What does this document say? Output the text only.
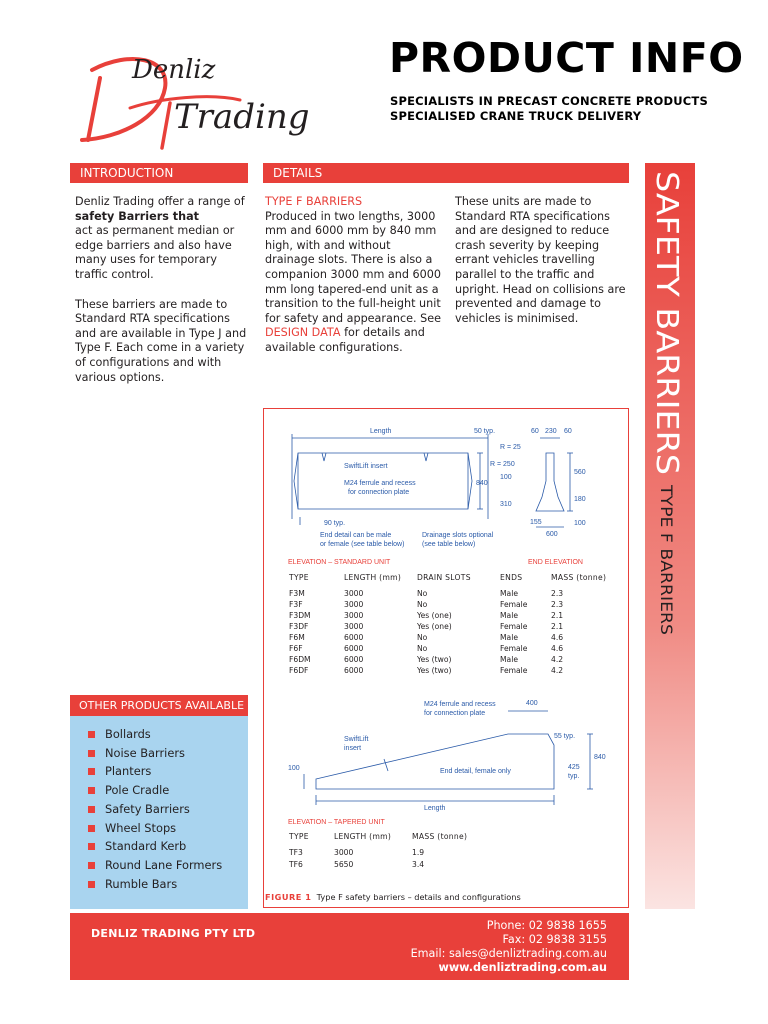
Denliz
Trading
PRODUCT INFO
SPECIALISTS IN PRECAST CONCRETE PRODUCTS
SPECIALISED CRANE TRUCK DELIVERY
INTRODUCTION	DETAILS
Denliz Trading offer a range of
safety Barriers that
act as permanent median or edge barriers and also have many uses for temporary traffic control.
These barriers are made to Standard RTA specifications and are available in Type J and Type F. Each come in a variety of configurations and with various options.
TYPE F BARRIERS
Produced in two lengths, 3000 mm and 6000 mm by 840 mm high, with and without drainage slots. There is also a companion 3000 mm and 6000 mm long tapered-end unit as a transition to the full-height unit for safety and appearance. See DESIGN DATA for details and available configurations.
These units are made to Standard RTA specifications and are designed to reduce crash severity by keeping errant vehicles travelling parallel to the traffic and upright. Head on collisions are prevented and damage to vehicles is minimised.	SAFETY BARRIERS
TYPE F BARRIERS
Length	50 typ.
SwiftLift insert
M24 ferrule and recess
for connection plate
840
90 typ.
End detail can be male
or female (see table below)
Drainage slots optional
(see table below)
60 230 60
R = 25
R = 250
100
310
560
180
155
600
100
ELEVATION – STANDARD UNIT	END ELEVATION
M24 ferrule and recess
for connection plate
400
SwiftLift
insert
55 typ.
840
100	425
typ.
End detail, female only
Length
ELEVATION – TAPERED UNIT
TYPE	LENGTH (mm) DRAIN SLOTS	ENDS	MASS (tonne)
F3M	3000	No	Male	2.3
F3F	3000	No	Female	2.3
F3DM	3000	Yes (one)	Male	2.1
F3DF	3000	Yes (one)	Female	2.1
F6M	6000	No	Male	4.6
F6F	6000	No	Female	4.6
F6DM	6000	Yes (two)	Male	4.2
F6DF	6000	Yes (two)	Female	4.2
TYPE	LENGTH (mm)	MASS (tonne)
TF3	3000	1.9
TF6	5650	3.4
FIGURE 1 Type F safety barriers – details and configurations
OTHER PRODUCTS AVAILABLE
Bollards
Noise Barriers
Planters
Pole Cradle
Safety Barriers
Wheel Stops
Standard Kerb
Round Lane Formers
Rumble Bars
DENLIZ TRADING PTY LTD
Phone: 02 9838 1655
Fax: 02 9838 3155
Email: sales@denliztrading.com.au
www.denliztrading.com.au
